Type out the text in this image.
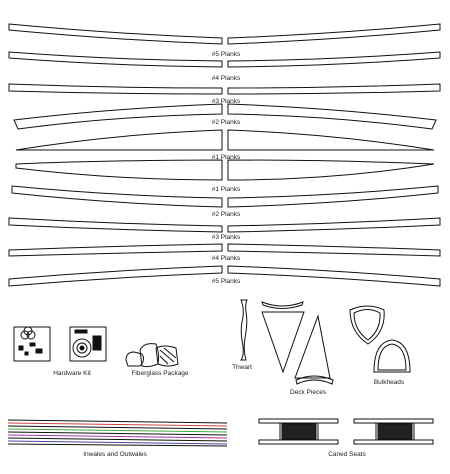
#5 Planks
#4 Planks
#3 Planks
#2 Planks
#1 Planks
#1 Planks
#2 Planks
#3 Planks
#4 Planks
#5 Planks
Hardware Kit	Fiberglass Package
Thwart
Deck Pieces
Bulkheads
Inwales and Outwales	Caned Seats
